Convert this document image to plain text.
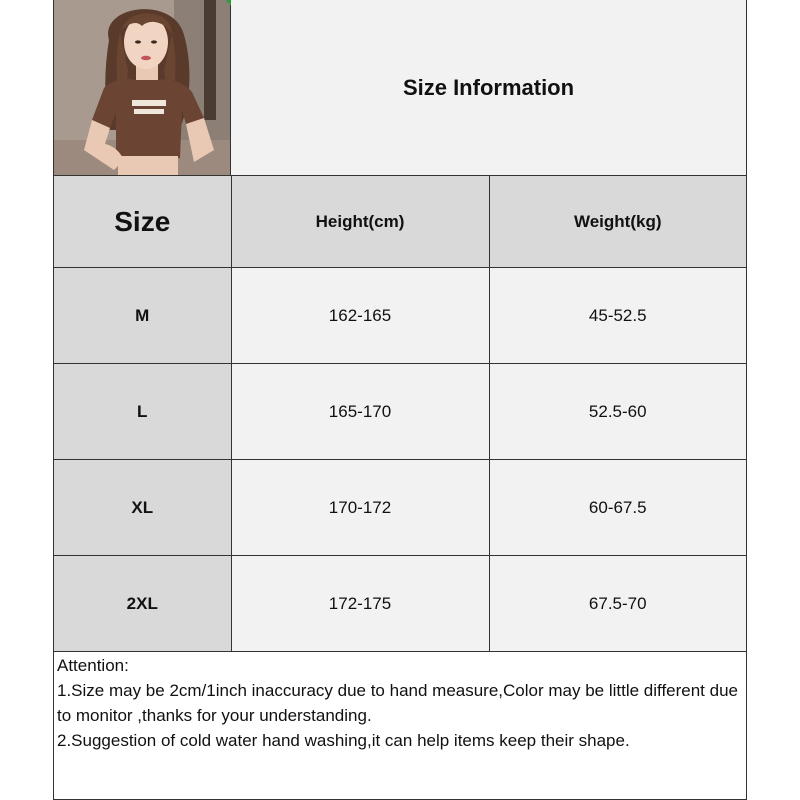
Size Information
Size	Height(cm)	Weight(kg)
M	162-165	45-52.5
L	165-170	52.5-60
XL	170-172	60-67.5
2XL	172-175	67.5-70
Attention:
1.Size may be 2cm/1inch inaccuracy due to hand measure,Color may be little different due to monitor ,thanks for your understanding.
2.Suggestion of cold water hand washing,it can help items keep their shape.
